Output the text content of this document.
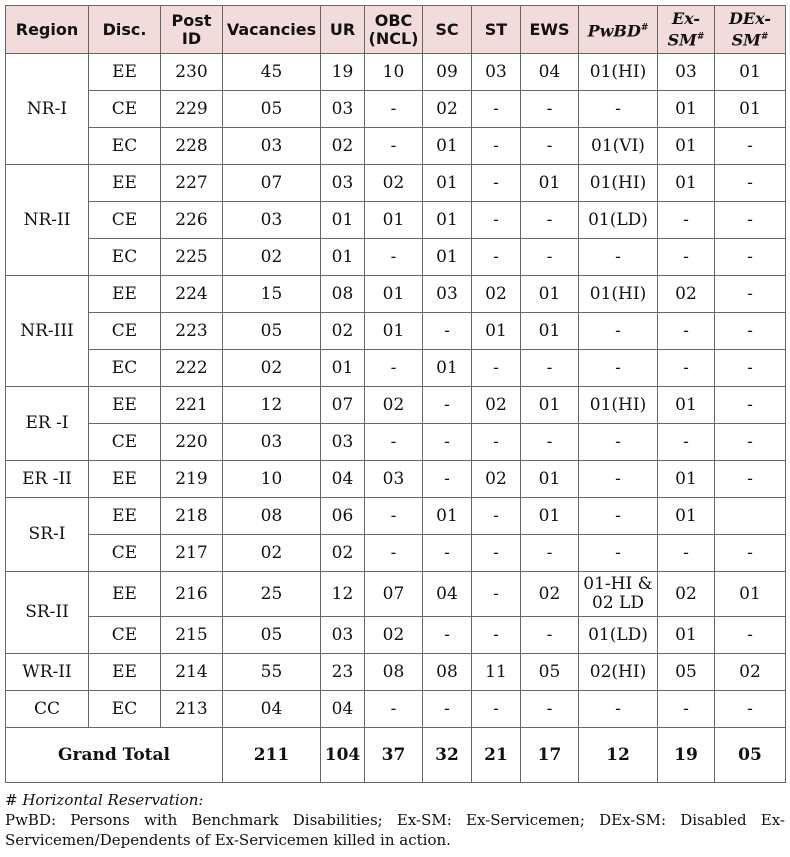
Region	Disc.	Post ID	Vacancies	UR	OBC (NCL)	SC	ST	EWS	PwBD#	Ex-SM#	DEx-SM#
NR-I	EE	230	45	19	10	09	03	04	01(HI)	03	01
	CE	229	05	03	-	02	-	-	-	01	01
	EC	228	03	02	-	01	-	-	01(VI)	01	-
NR-II	EE	227	07	03	02	01	-	01	01(HI)	01	-
	CE	226	03	01	01	01	-	-	01(LD)	-	-
	EC	225	02	01	-	01	-	-	-	-	-
NR-III	EE	224	15	08	01	03	02	01	01(HI)	02	-
	CE	223	05	02	01	-	01	01	-	-	-
	EC	222	02	01	-	01	-	-	-	-	-
ER -I	EE	221	12	07	02	-	02	01	01(HI)	01	-
	CE	220	03	03	-	-	-	-	-	-	-
ER -II	EE	219	10	04	03	-	02	01	-	01	-
SR-I	EE	218	08	06	-	01	-	01	-	01	
	CE	217	02	02	-	-	-	-	-	-	-
SR-II	EE	216	25	12	07	04	-	02	01-HI & 02 LD	02	01
	CE	215	05	03	02	-	-	-	01(LD)	01	-
WR-II	EE	214	55	23	08	08	11	05	02(HI)	05	02
CC	EC	213	04	04	-	-	-	-	-	-	-
Grand Total			211	104	37	32	21	17	12	19	05
# Horizontal Reservation:
PwBD: Persons with Benchmark Disabilities; Ex-SM: Ex-Servicemen; DEx-SM: Disabled Ex-Servicemen/Dependents of Ex-Servicemen killed in action.
